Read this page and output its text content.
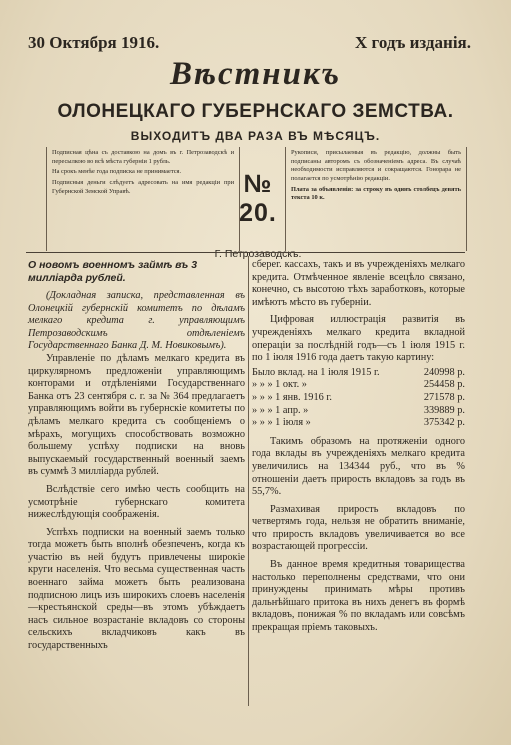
30 Октября 1916.	X годъ изданія.
Вѣстникъ
ОЛОНЕЦКАГО ГУБЕРНСКАГО ЗЕМСТВА.
ВЫХОДИТЪ ДВА РАЗА ВЪ МѢСЯЦЪ.

Подписная цѣна съ доставкою на домъ въ г. Петрозаводскѣ и пересылкою во всѣ мѣста губерніи 1 рубль.

На срокъ менѣе года подписка не принимается.

Подписныя деньги слѣдуетъ адресовать на имя редакціи при Губернской Земской Управѣ.	№ 20.
Г. Петрозаводскъ.

Рукописи, присылаемыя въ редакцію, должны быть подписаны авторомъ съ обозначеніемъ адреса. Въ случаѣ необходимости исправляются и сокращаются. Гонорара не полагается по усмотрѣнію редакціи.

Плата за объявленія: за строку въ одинъ столбецъ девять текста 10 к.

О новомъ военномъ займѣ въ 3 милліарда рублей.

(Докладная записка, представленная въ Олонецкій губернскій комитетъ по дѣламъ мелкаго кредита г. управляющимъ Петрозаводскимъ отдѣленіемъ Государственнаго Банка Д. М. Новиковымъ).

Управленіе по дѣламъ мелкаго кредита въ циркулярномъ предложеніи управляющимъ конторами и отдѣленіями Государственнаго Банка отъ 23 сентября с. г. за № 364 предлагаетъ управляющимъ войти въ губернскіе комитеты по дѣламъ мелкаго кредита съ сообщеніемъ о мѣрахъ, могущихъ способствовать возможно большему успѣху подписки на вновь выпускаемый государственный военный заемъ въ суммѣ 3 милліарда рублей.

Вслѣдствіе сего имѣю честь сообщить на усмотрѣніе губернскаго комитета нижеслѣдующія соображенія.

Успѣхъ подписки на военный заемъ только тогда можетъ быть вполнѣ обезпеченъ, когда къ участію въ ней будутъ привлечены широкіе круги населенія. Что весьма существенная часть военнаго займа можетъ быть реализована подписною лицъ изъ широкихъ слоевъ населенія—крестьянской среды—въ этомъ убѣждаетъ насъ сильное возрастаніе вкладовъ со стороны сельскихъ вкладчиковъ какъ въ государственныхъ

сберег. кассахъ, такъ и въ учрежденіяхъ мелкаго кредита. Отмѣченное явленіе всецѣло связано, конечно, съ высотою тѣхъ заработковъ, которые имѣютъ мѣсто въ губерніи.

Цифровая иллюстрація развитія въ учрежденіяхъ мелкаго кредита вкладной операціи за послѣдній годъ—съ 1 іюля 1915 г. по 1 іюля 1916 года даетъ такую картину:

Было вклад. на 1 іюля 1915 г.	240998 р.
» » » 1 окт. »	254458 р.
» » » 1 янв. 1916 г.	271578 р.
» » » 1 апр. »	339889 р.
» » » 1 іюля »	375342 р.

Такимъ образомъ на протяженіи одного года вклады въ учрежденіяхъ мелкаго кредита увеличились на 134344 руб., что въ % отношеніи даетъ прирость вкладовъ за годъ въ 55,7%.

Размахивая прирость вкладовъ по четвертямъ года, нельзя не обратить вниманіе, что прирость вкладовъ увеличивается во все возрастающей прогрессіи.

Въ данное время кредитныя товарищества настолько переполнены средствами, что они принуждены принимать мѣры противъ дальнѣйшаго притока въ нихъ денегъ въ формѣ вкладовъ, понижая % по вкладамъ или совсѣмъ прекращая пріемъ таковыхъ.
